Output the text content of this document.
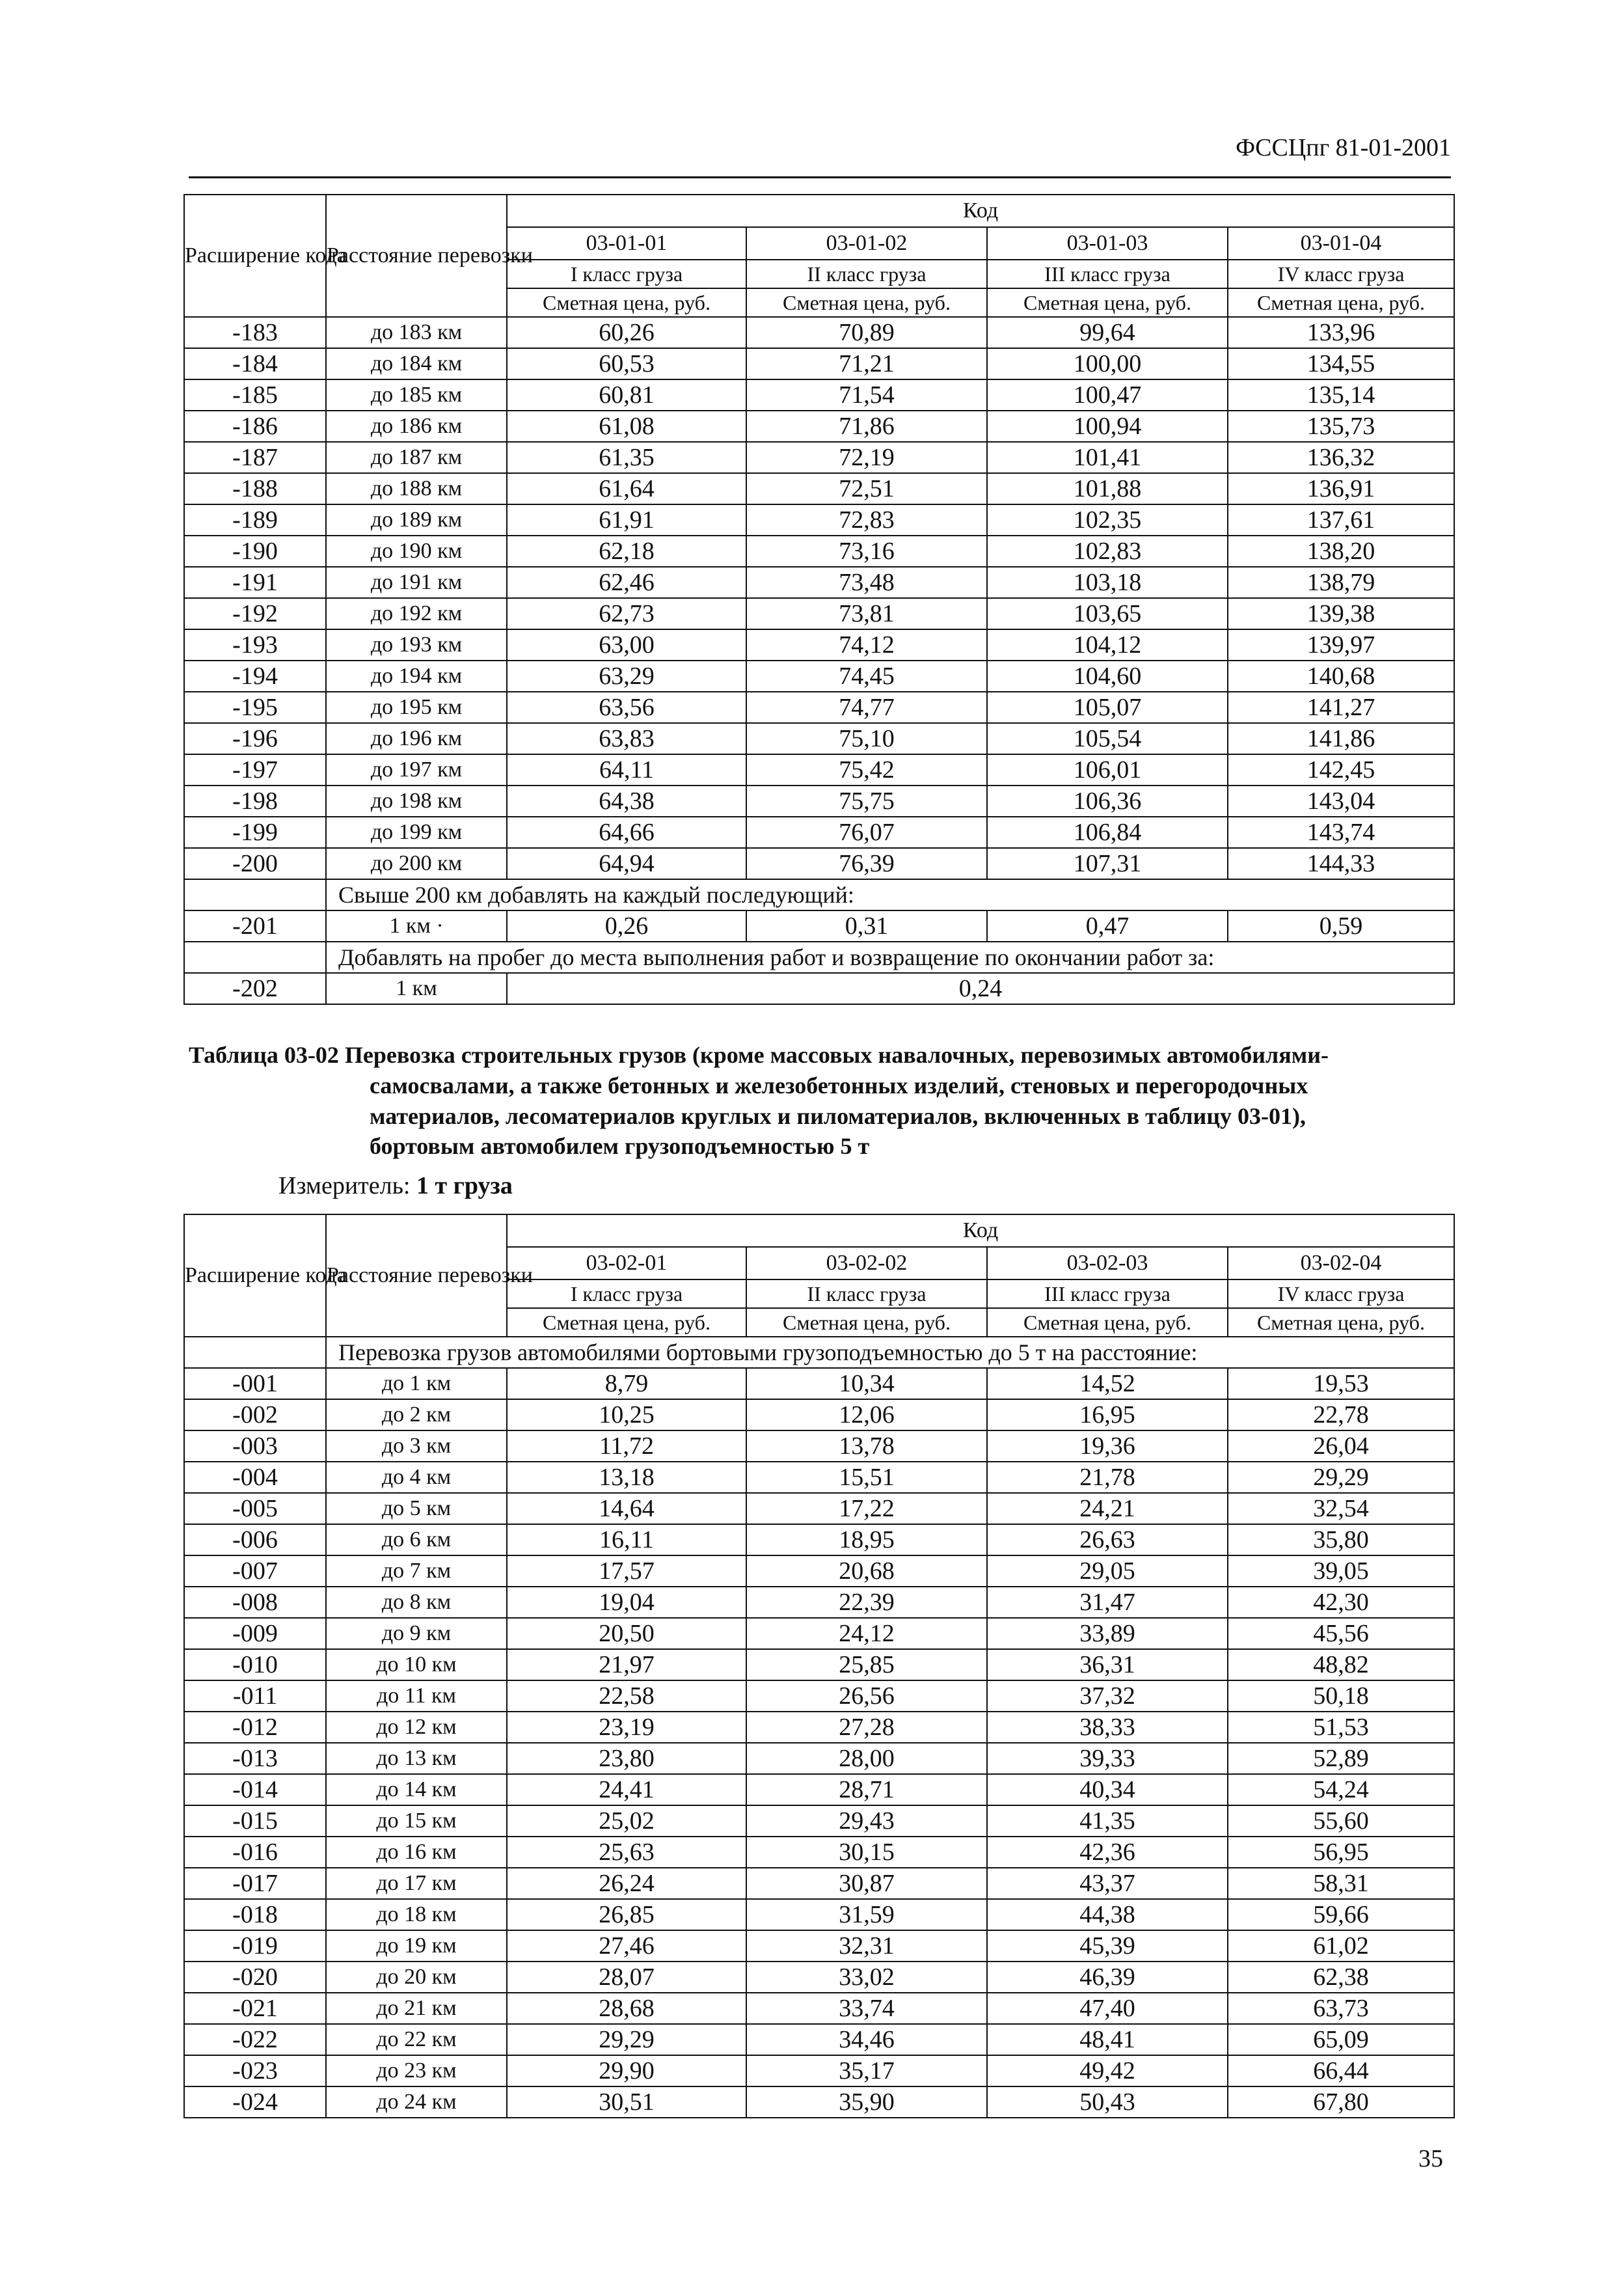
ФССЦпг 81-01-2001
Расширение кода	Расстояние перевозки	Код			
		03-01-01	03-01-02	03-01-03	03-01-04
		I класс груза	II класс груза	III класс груза	IV класс груза
		Сметная цена, руб.	Сметная цена, руб.	Сметная цена, руб.	Сметная цена, руб.
-183	до 183 км	60,26	70,89	99,64	133,96
-184	до 184 км	60,53	71,21	100,00	134,55
-185	до 185 км	60,81	71,54	100,47	135,14
-186	до 186 км	61,08	71,86	100,94	135,73
-187	до 187 км	61,35	72,19	101,41	136,32
-188	до 188 км	61,64	72,51	101,88	136,91
-189	до 189 км	61,91	72,83	102,35	137,61
-190	до 190 км	62,18	73,16	102,83	138,20
-191	до 191 км	62,46	73,48	103,18	138,79
-192	до 192 км	62,73	73,81	103,65	139,38
-193	до 193 км	63,00	74,12	104,12	139,97
-194	до 194 км	63,29	74,45	104,60	140,68
-195	до 195 км	63,56	74,77	105,07	141,27
-196	до 196 км	63,83	75,10	105,54	141,86
-197	до 197 км	64,11	75,42	106,01	142,45
-198	до 198 км	64,38	75,75	106,36	143,04
-199	до 199 км	64,66	76,07	106,84	143,74
-200	до 200 км	64,94	76,39	107,31	144,33
	Свыше 200 км добавлять на каждый последующий:				
-201	1 км ·	0,26	0,31	0,47	0,59
	Добавлять на пробег до места выполнения работ и возвращение по окончании работ за:				
-202	1 км	0,24			
Таблица 03-02 Перевозка строительных грузов (кроме массовых навалочных, перевозимых автомобилями-
самосвалами, а также бетонных и железобетонных изделий, стеновых и перегородочных
материалов, лесоматериалов круглых и пиломатериалов, включенных в таблицу 03-01),
бортовым автомобилем грузоподъемностью 5 т
Измеритель: 1 т груза
Расширение кода	Расстояние перевозки	Код			
		03-02-01	03-02-02	03-02-03	03-02-04
		I класс груза	II класс груза	III класс груза	IV класс груза
		Сметная цена, руб.	Сметная цена, руб.	Сметная цена, руб.	Сметная цена, руб.
	Перевозка грузов автомобилями бортовыми грузоподъемностью до 5 т на расстояние:				
-001	до 1 км	8,79	10,34	14,52	19,53
-002	до 2 км	10,25	12,06	16,95	22,78
-003	до 3 км	11,72	13,78	19,36	26,04
-004	до 4 км	13,18	15,51	21,78	29,29
-005	до 5 км	14,64	17,22	24,21	32,54
-006	до 6 км	16,11	18,95	26,63	35,80
-007	до 7 км	17,57	20,68	29,05	39,05
-008	до 8 км	19,04	22,39	31,47	42,30
-009	до 9 км	20,50	24,12	33,89	45,56
-010	до 10 км	21,97	25,85	36,31	48,82
-011	до 11 км	22,58	26,56	37,32	50,18
-012	до 12 км	23,19	27,28	38,33	51,53
-013	до 13 км	23,80	28,00	39,33	52,89
-014	до 14 км	24,41	28,71	40,34	54,24
-015	до 15 км	25,02	29,43	41,35	55,60
-016	до 16 км	25,63	30,15	42,36	56,95
-017	до 17 км	26,24	30,87	43,37	58,31
-018	до 18 км	26,85	31,59	44,38	59,66
-019	до 19 км	27,46	32,31	45,39	61,02
-020	до 20 км	28,07	33,02	46,39	62,38
-021	до 21 км	28,68	33,74	47,40	63,73
-022	до 22 км	29,29	34,46	48,41	65,09
-023	до 23 км	29,90	35,17	49,42	66,44
-024	до 24 км	30,51	35,90	50,43	67,80
35
